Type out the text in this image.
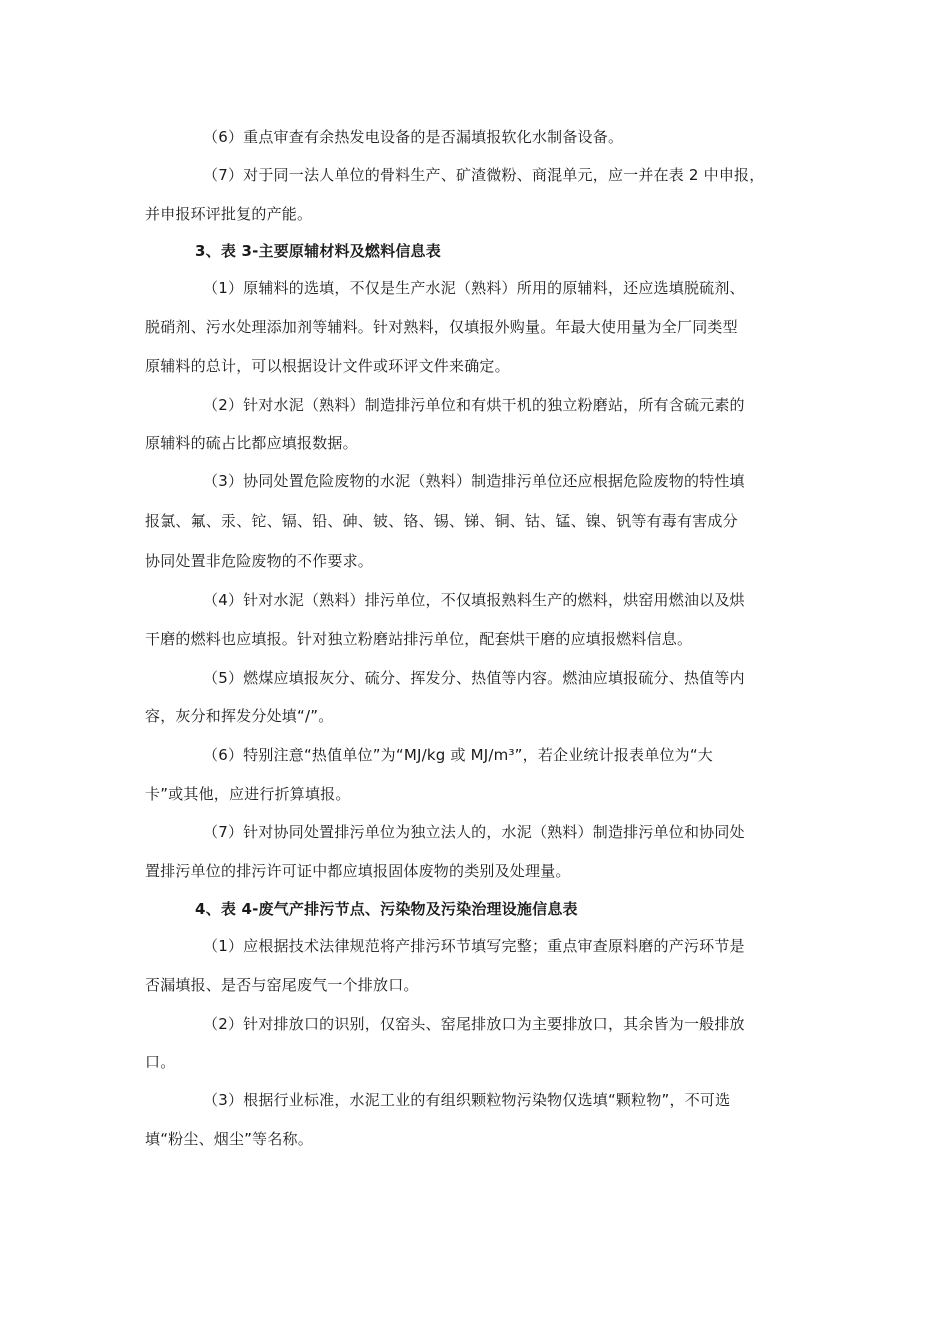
（6）重点审查有余热发电设备的是否漏填报软化水制备设备。
（7）对于同一法人单位的骨料生产、矿渣微粉、商混单元，应一并在表 2 中申报，
并申报环评批复的产能。
3、表 3-主要原辅材料及燃料信息表
（1）原辅料的选填，不仅是生产水泥（熟料）所用的原辅料，还应选填脱硫剂、
脱硝剂、污水处理添加剂等辅料。针对熟料，仅填报外购量。年最大使用量为全厂同类型
原辅料的总计，可以根据设计文件或环评文件来确定。
（2）针对水泥（熟料）制造排污单位和有烘干机的独立粉磨站，所有含硫元素的
原辅料的硫占比都应填报数据。
（3）协同处置危险废物的水泥（熟料）制造排污单位还应根据危险废物的特性填
报氯、氟、汞、铊、镉、铅、砷、铍、铬、锡、锑、铜、钴、锰、镍、钒等有毒有害成分
协同处置非危险废物的不作要求。
（4）针对水泥（熟料）排污单位，不仅填报熟料生产的燃料，烘窑用燃油以及烘
干磨的燃料也应填报。针对独立粉磨站排污单位，配套烘干磨的应填报燃料信息。
（5）燃煤应填报灰分、硫分、挥发分、热值等内容。燃油应填报硫分、热值等内
容，灰分和挥发分处填“/”。
（6）特别注意“热值单位”为“MJ/kg 或 MJ/m³”，若企业统计报表单位为“大
卡”或其他，应进行折算填报。
（7）针对协同处置排污单位为独立法人的，水泥（熟料）制造排污单位和协同处
置排污单位的排污许可证中都应填报固体废物的类别及处理量。
4、表 4-废气产排污节点、污染物及污染治理设施信息表
（1）应根据技术法律规范将产排污环节填写完整；重点审查原料磨的产污环节是
否漏填报、是否与窑尾废气一个排放口。
（2）针对排放口的识别，仅窑头、窑尾排放口为主要排放口，其余皆为一般排放
口。
（3）根据行业标准，水泥工业的有组织颗粒物污染物仅选填“颗粒物”，不可选
填“粉尘、烟尘”等名称。
